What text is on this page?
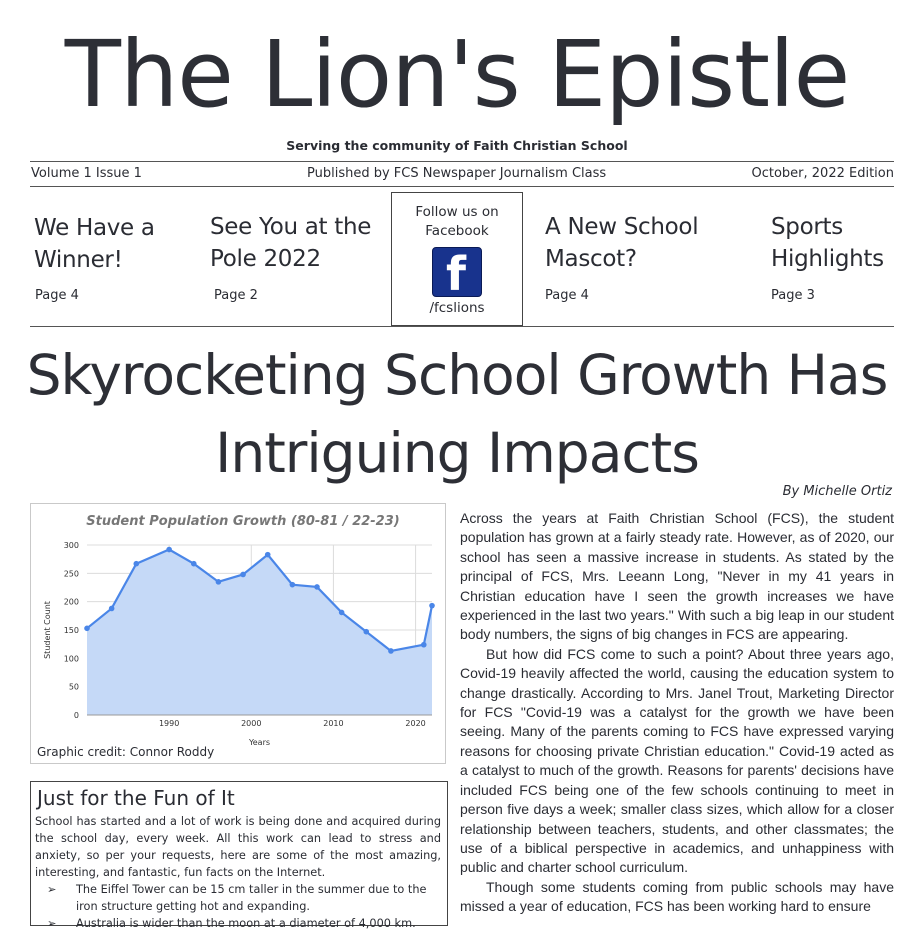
The Lion's Epistle
Serving the community of Faith Christian School
Volume 1 Issue 1	Published by FCS Newspaper Journalism Class	October, 2022 Edition
We Have a
Winner!
Page 4
See You at the
Pole 2022
Page 2
Follow us on
Facebook
f
/fcslions
A New School
Mascot?
Page 4
Sports
Highlights
Page 3
Skyrocketing School Growth Has
Intriguing Impacts
By Michelle Ortiz
0
50
100
150
200
250
300
1990	2000	2010	2020
Years
Student Count
Student Population Growth (80-81 / 22-23)
Graphic credit: Connor Roddy
Just for the Fun of It
School has started and a lot of work is being done and acquired during the school day, every week. All this work can lead to stress and anxiety, so per your requests, here are some of the most amazing, interesting, and fantastic, fun facts on the Internet.
➢ The Eiffel Tower can be 15 cm taller in the summer due to the iron structure getting hot and expanding.
➢ Australia is wider than the moon at a diameter of 4,000 km.

Across the years at Faith Christian School (FCS), the student population has grown at a fairly steady rate. However, as of 2020, our school has seen a massive increase in students. As stated by the principal of FCS, Mrs. Leeann Long, "Never in my 41 years in Christian education have I seen the growth increases we have experienced in the last two years." With such a big leap in our student body numbers, the signs of big changes in FCS are appearing.

But how did FCS come to such a point? About three years ago, Covid-19 heavily affected the world, causing the education system to change drastically. According to Mrs. Janel Trout, Marketing Director for FCS "Covid-19 was a catalyst for the growth we have been seeing. Many of the parents coming to FCS have expressed varying reasons for choosing private Christian education." Covid-19 acted as a catalyst to much of the growth. Reasons for parents' decisions have included FCS being one of the few schools continuing to meet in person five days a week; smaller class sizes, which allow for a closer relationship between teachers, students, and other classmates; the use of a biblical perspective in academics, and unhappiness with public and charter school curriculum.

Though some students coming from public schools may have missed a year of education, FCS has been working hard to ensure
